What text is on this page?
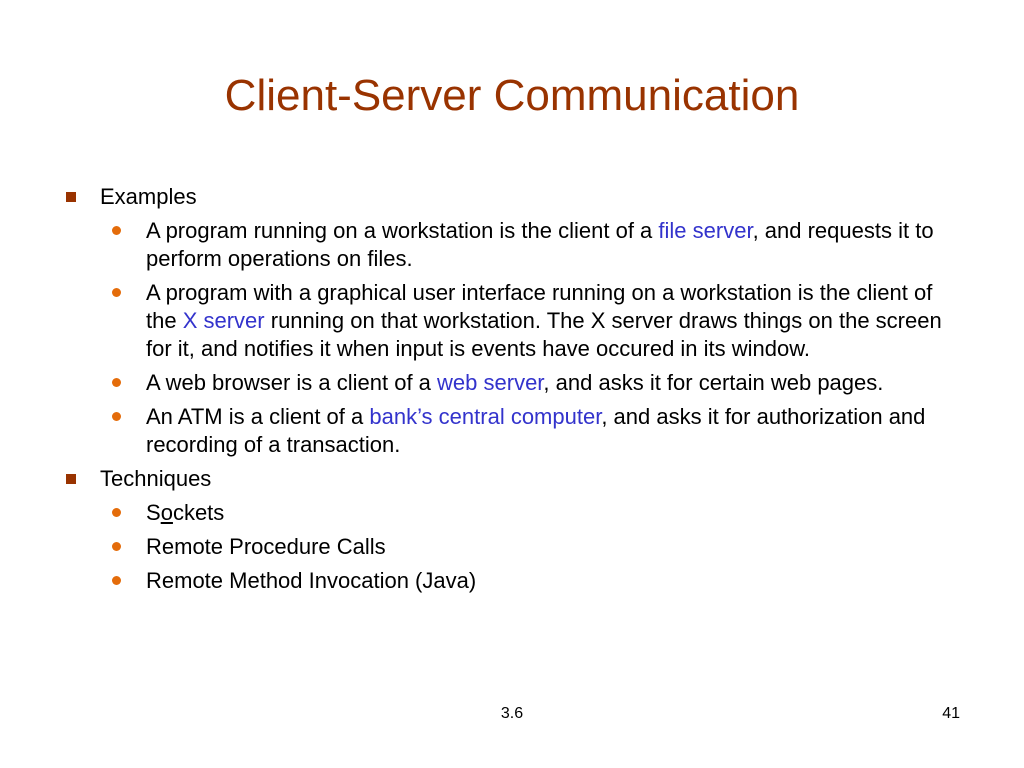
Client-Server Communication
Examples
A program running on a workstation is the client of a file server, and requests it to perform operations on files.
A program with a graphical user interface running on a workstation is the client of the X server running on that workstation. The X server draws things on the screen for it, and notifies it when input is events have occured in its window.
A web browser is a client of a web server, and asks it for certain web pages.
An ATM is a client of a bank’s central computer, and asks it for authorization and recording of a transaction.
Techniques
Sockets
Remote Procedure Calls
Remote Method Invocation (Java)
3.6	41
